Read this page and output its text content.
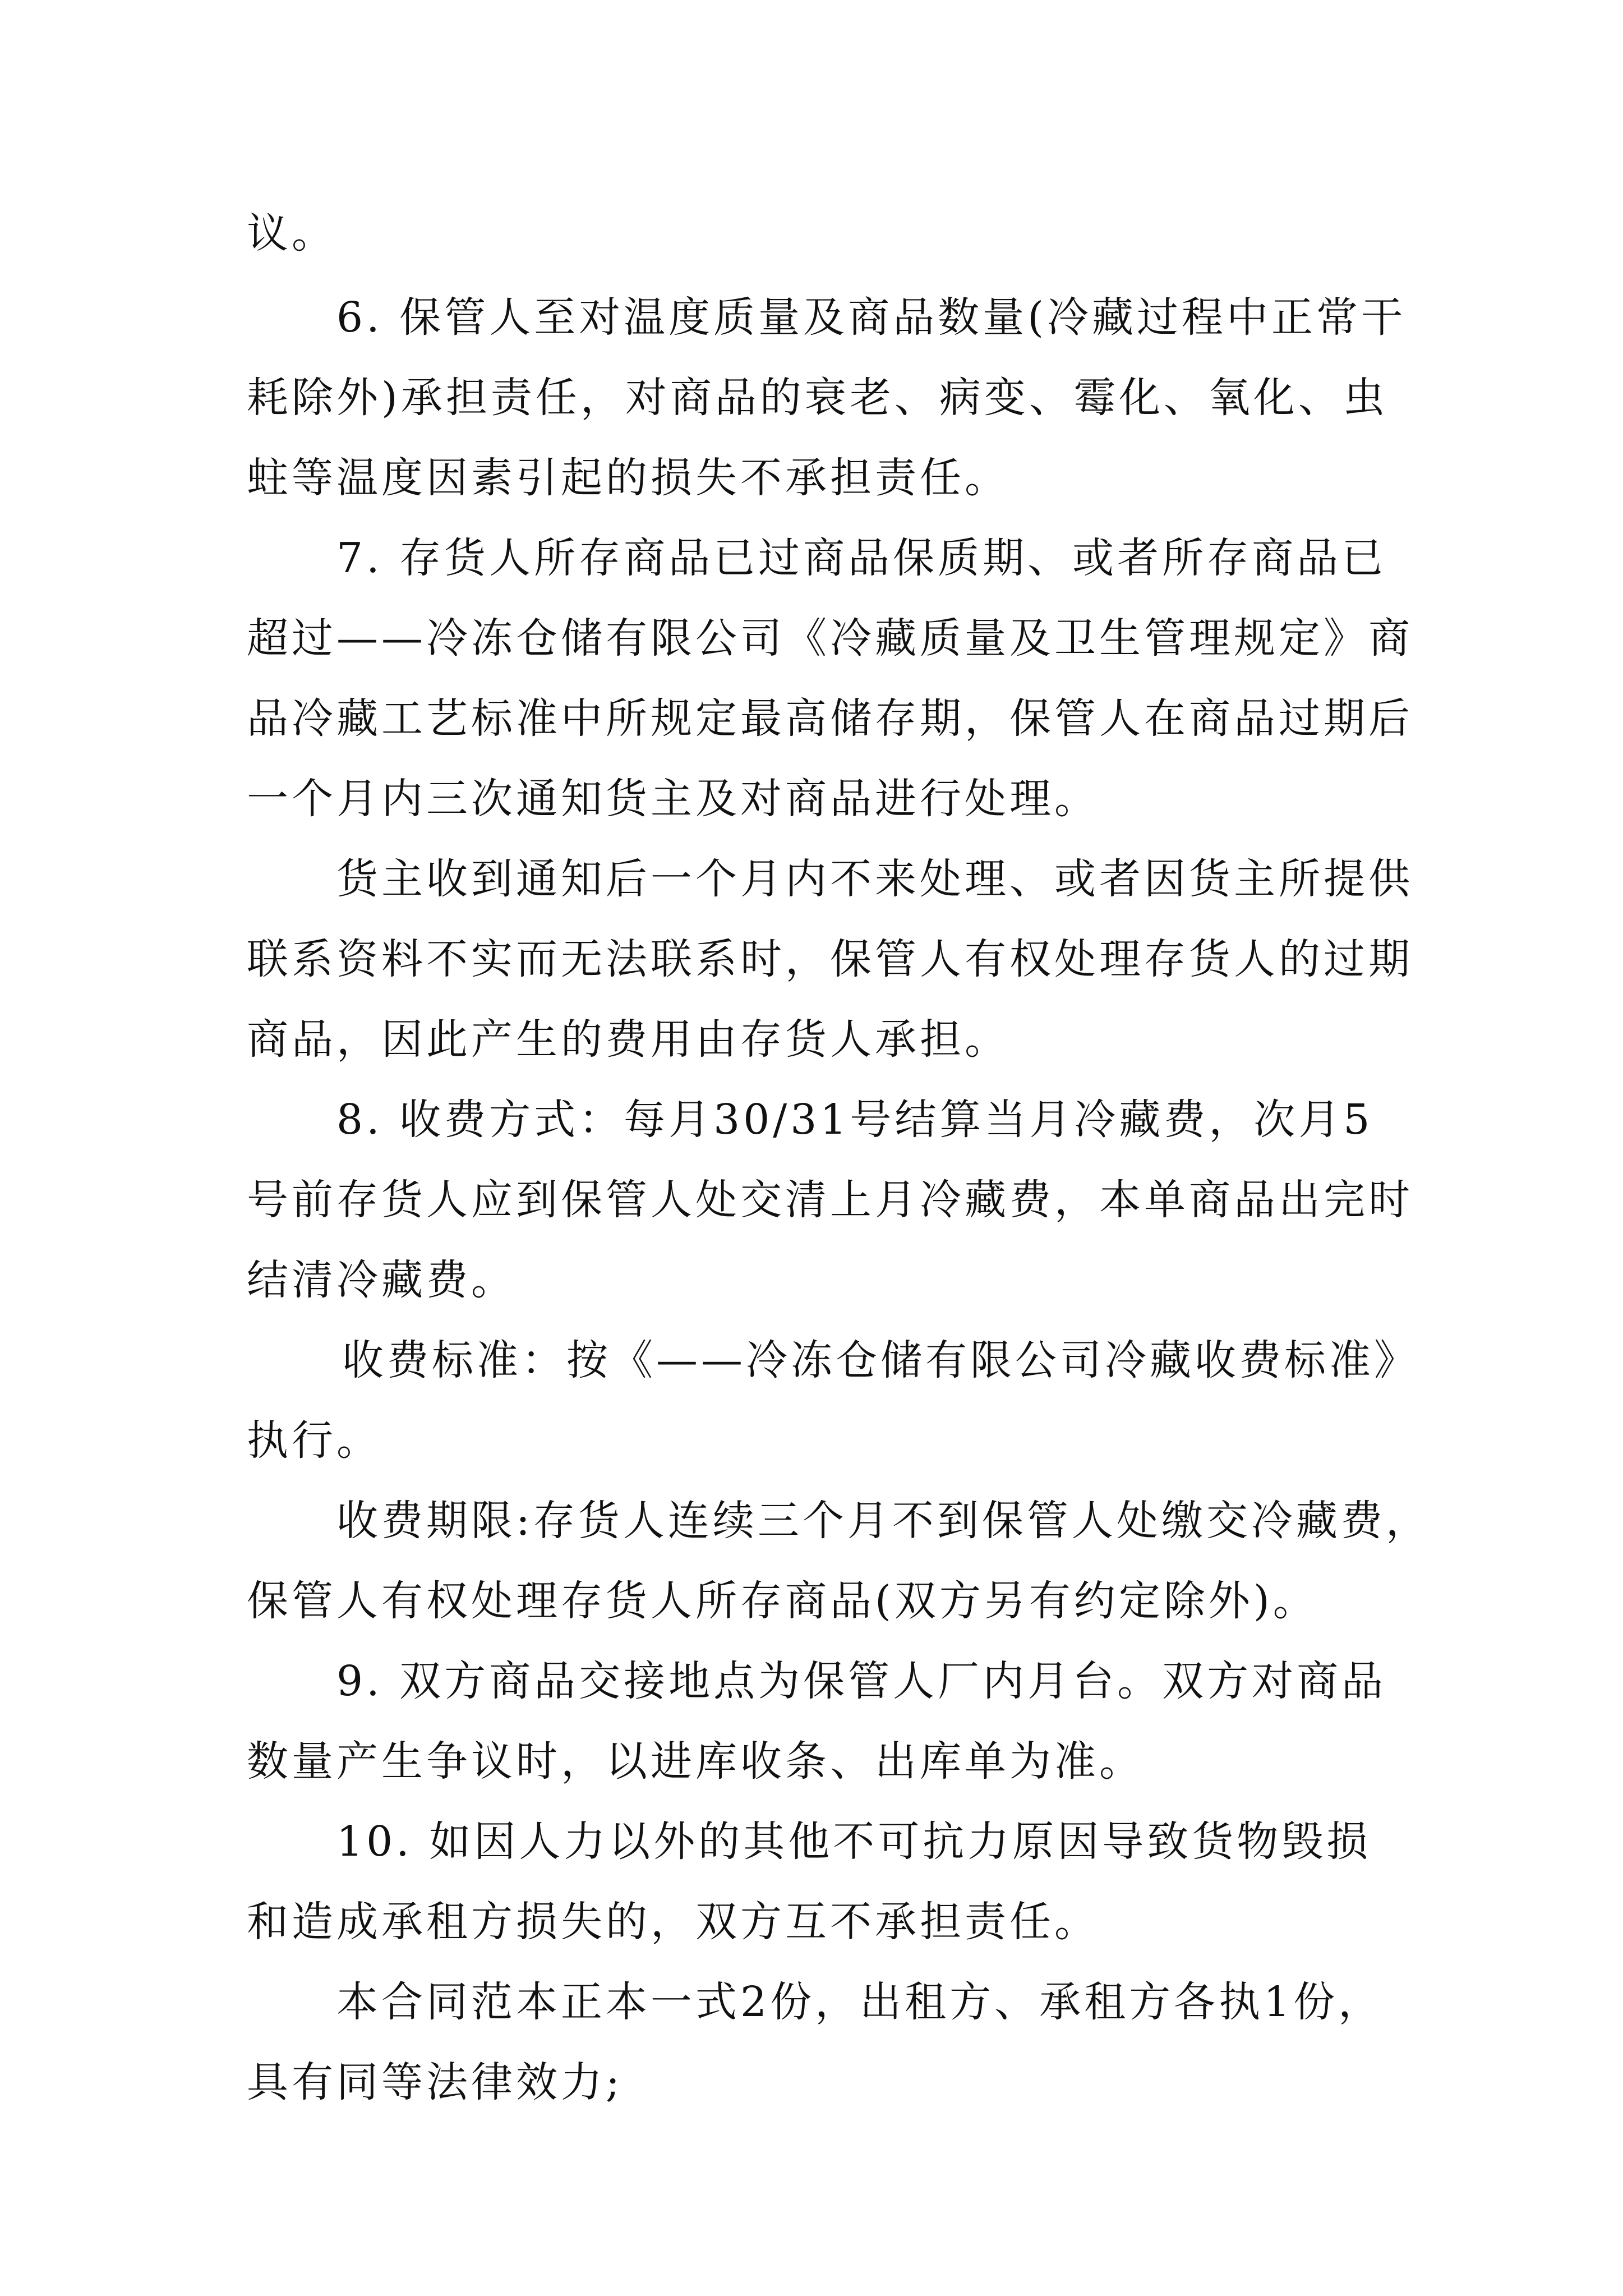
议。
6. 保管人至对温度质量及商品数量(冷藏过程中正常干
耗除外)承担责任，对商品的衰老、病变、霉化、氧化、虫
蛀等温度因素引起的损失不承担责任。
7. 存货人所存商品已过商品保质期、或者所存商品已
超过——冷冻仓储有限公司《冷藏质量及卫生管理规定》商
品冷藏工艺标准中所规定最高储存期，保管人在商品过期后
一个月内三次通知货主及对商品进行处理。
货主收到通知后一个月内不来处理、或者因货主所提供
联系资料不实而无法联系时，保管人有权处理存货人的过期
商品，因此产生的费用由存货人承担。
8. 收费方式：每月30/31号结算当月冷藏费，次月5
号前存货人应到保管人处交清上月冷藏费，本单商品出完时
结清冷藏费。
收费标准：按《——冷冻仓储有限公司冷藏收费标准》
执行。
收费期限:存货人连续三个月不到保管人处缴交冷藏费，
保管人有权处理存货人所存商品(双方另有约定除外)。
9. 双方商品交接地点为保管人厂内月台。双方对商品
数量产生争议时，以进库收条、出库单为准。
10. 如因人力以外的其他不可抗力原因导致货物毁损
和造成承租方损失的，双方互不承担责任。
本合同范本正本一式2份，出租方、承租方各执1份，
具有同等法律效力;
